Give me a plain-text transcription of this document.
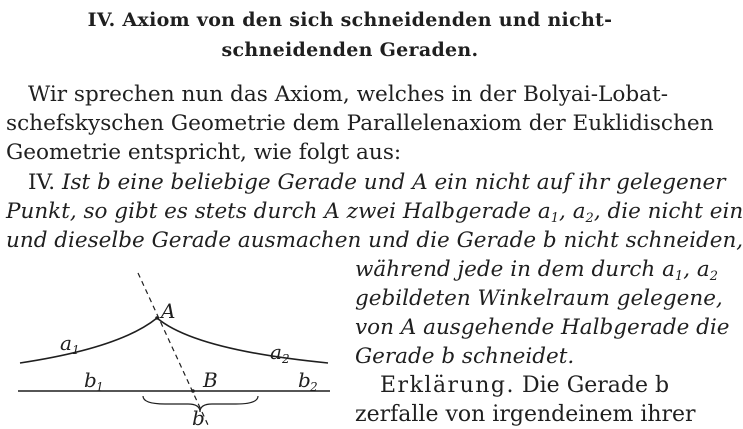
IV. Axiom von den sich schneidenden und nicht-
schneidenden Geraden.
Wir sprechen nun das Axiom, welches in der Bolyai-Lobat-
schefskyschen Geometrie dem Parallelenaxiom der Euklidischen
Geometrie entspricht, wie folgt aus:
IV. Ist b eine beliebige Gerade und A ein nicht auf ihr gelegener
Punkt, so gibt es stets durch A zwei Halbgerade $a_1$, $a_2$, die nicht ein
und dieselbe Gerade ausmachen und die Gerade b nicht schneiden,
während jede in dem durch $a_1$, $a_2$
gebildeten Winkelraum gelegene,
von A ausgehende Halbgerade die
Gerade b schneidet.
Erklärung. Die Gerade b
zerfalle von irgendeinem ihrer
A
B
a 1	a 2
b 1	b 2
b
